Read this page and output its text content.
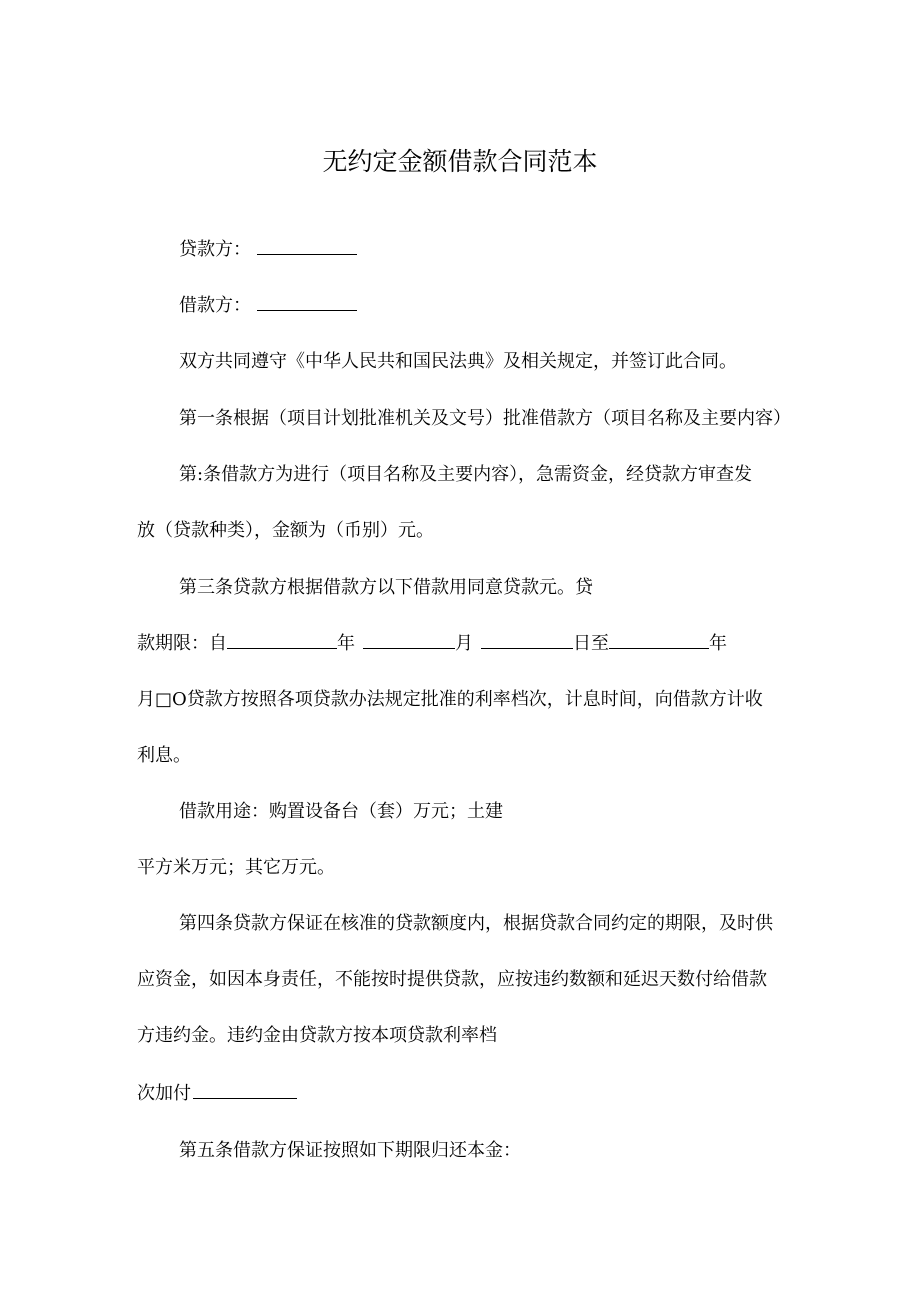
无约定金额借款合同范本
贷款方：
借款方：
双方共同遵守《中华人民共和国民法典》及相关规定，并签订此合同。
第一条根据（项目计划批准机关及文号）批准借款方（项目名称及主要内容）
第:条借款方为进行（项目名称及主要内容），急需资金，经贷款方审查发
放（贷款种类），金额为（币别）元。
第三条贷款方根据借款方以下借款用同意贷款元。贷
款期限：自	年	月	日至	年
月□O贷款方按照各项贷款办法规定批准的利率档次，计息时间，向借款方计收
利息。
借款用途：购置设备台（套）万元；土建
平方米万元；其它万元。
第四条贷款方保证在核准的贷款额度内，根据贷款合同约定的期限，及时供
应资金，如因本身责任，不能按时提供贷款，应按违约数额和延迟天数付给借款
方违约金。违约金由贷款方按本项贷款利率档
次加付
第五条借款方保证按照如下期限归还本金：
